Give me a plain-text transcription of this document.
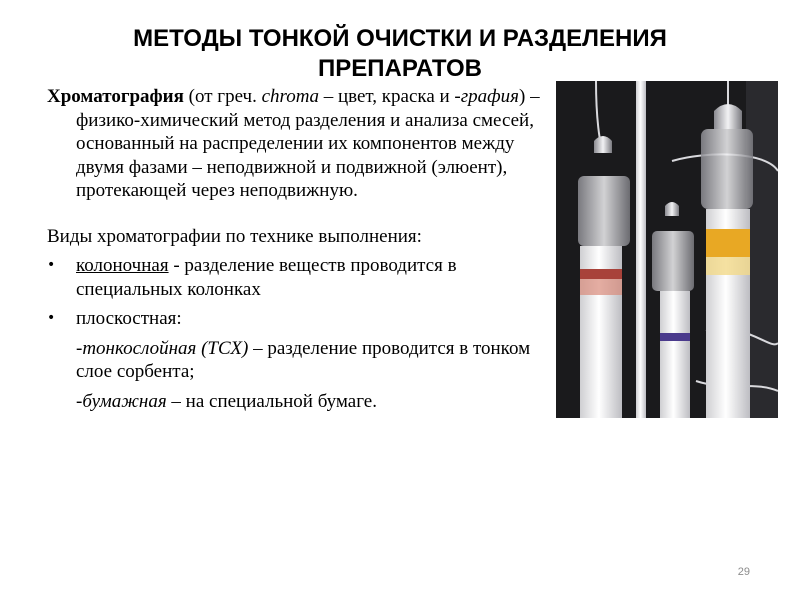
МЕТОДЫ ТОНКОЙ ОЧИСТКИ И РАЗДЕЛЕНИЯ ПРЕПАРАТОВ

Хроматография (от греч. chroma – цвет, краска и -графия) – физико-химический метод разделения и анализа смесей, основанный на распределении их компонентов между двумя фазами – неподвижной и подвижной (элюент), протекающей через неподвижную.

Виды хроматографии по технике выполнения:

• колоночная - разделение веществ проводится в специальных колонках
• плоскостная:
-тонкослойная (ТСХ) – разделение проводится в тонком слое сорбента;
-бумажная – на специальной бумаге.
29
